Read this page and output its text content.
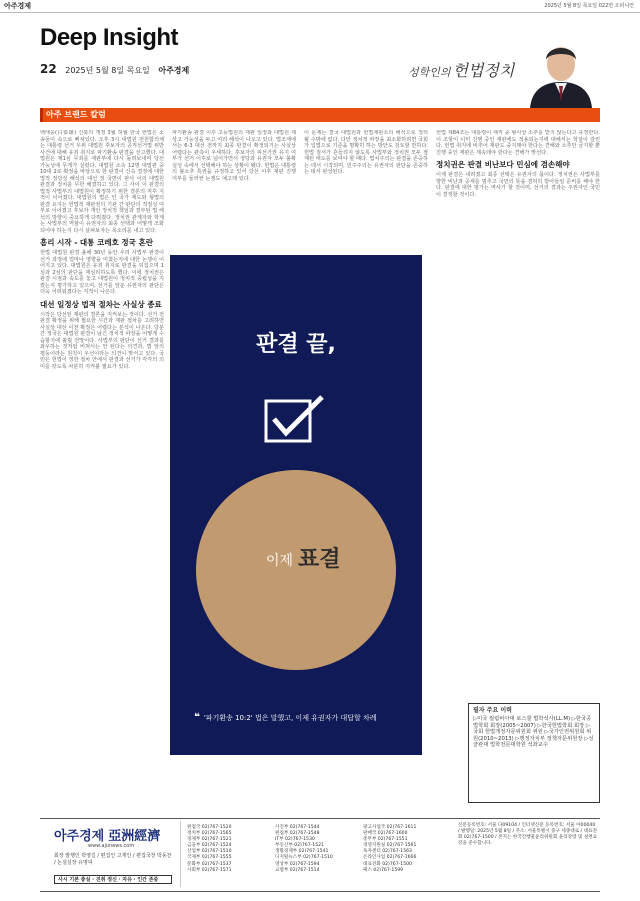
아주경제	2025년 5월 8일 목요일 022면 오피니언
Deep Insight
22 2025년 5월 8일 목요일 아주경제	성학인의 헌법정치
아주 브랜드 칼럼
백태웅(白泰雄) 신북의 개정 3월 허월 한국 헌법은 소송들이 속으로 뻐져있다. 오후 3시 대법원 전원합의체는 대통령 선거 우위 대법원 후보자의 공직선거법 위반 사건에 대해 유죄 취지로 파기환송 판결을 선고했다. 대법원은 제1심 무죄를 재판부에 다시 돌려보내며 당선 가능성에 무게가 실렸다. 대법원 소속 12명 대법관 중 10대 2로 확정을 바탕으로 한 판결이 신속 결정에 대한 법적 정당성 해석의 대선 정 국면이 판사 이의 대법원 판결과 정치를 무한 해결하고 있다. 그 사이 이 판결의 법적 사법부의 대법원이 확정하기 위한 결론의 직후 지적이 이어졌다. 대법원의 법은 인 국가 제도와 형법의 판결 요지는 헌법적 재판권의 기관 간 판단의 적절성 여부로 이어졌고 후보자 개인 정치적 책임과 결부된 법 해석의 방향이 중요하게 다뤄졌다. 정치권 관계자와 학계는 사법부의 역할이 유권자의 최종 선택과 어떻게 조화되어야 하는지 다시 살펴보자는 목소리를 내고 있다.
흠리 시작 - 대통 코레호 정국 혼란
헌법 대법원 판결 올해 30년 동안 우리 사법부 판결이 선거 과정에 얼마나 영향을 미쳤는지에 대한 논쟁이 이어지고 있다. 대법원은 유죄 취지로 판결을 뒤집으며 1심과 2심의 판단을 재심리하도록 했다. 이에 정치권은 판결 시점과 속도를 놓고 대법원이 정치적 중립성을 지켰는지 평가하고 있으며, 선거를 앞둔 유권자의 판단은 더욱 어려워졌다는 지적이 나온다.
대선 일정상 법적 절차는 사실상 종료
시작은 당선된 재판의 결론을 지켜보는 것이다. 선거 전 판결 확정을 위해 필요한 시간과 재판 절차를 고려하면 사실상 대선 이전 확정은 어렵다는 분석이 나온다. 당분간 정국은 대법원 판결이 남긴 정치적 파장을 어떻게 수습할지에 쏠릴 전망이다. 사법부의 판단이 선거 결과를 좌우하는 것처럼 비쳐서는 안 된다는 의견과, 법 앞의 평등이라는 원칙이 우선이라는 의견이 맞서고 있다. 국민은 헌법이 정한 절차 안에서 판결과 선거가 각각의 의미를 갖도록 차분히 지켜볼 필요가 있다.
파기환송 판결 이후 고등법원의 재판 일정과 대법원 재상고 가능성을 두고 여러 해석이 나오고 있다. 법조계에서는 6·3 대선 전까지 최종 판결이 확정되기는 사실상 어렵다는 관측이 우세하다. 후보자의 피선거권 유지 여부가 선거 이후로 넘어가면서 정당과 유권자 모두 불확실성 속에서 선택해야 하는 상황이 됐다. 헌법은 대통령의 불소추 특권을 규정하고 있어 당선 이후 재판 진행 여부를 둘러싼 논쟁도 예고돼 있다.
이 문제는 결국 대법원과 헌법재판소의 해석으로 정리될 수밖에 없다. 다만 정치적 파장을 최소화하려면 국회가 입법으로 기준을 명확히 하는 방안도 검토할 만하다. 헌법 질서가 흔들리지 않도록 사법부와 정치권 모두 절제된 태도를 보여야 할 때다. 법치주의는 판결을 존중하는 데서 시작되며, 민주주의는 유권자의 판단을 존중하는 데서 완성된다.
헌법 제84조는 대통령이 재직 중 형사상 소추를 받지 않는다고 규정한다. 이 조항이 이미 진행 중인 재판에도 적용되는지에 대해서는 학설이 갈린다. 헌법 취지에 비추어 재판도 중지돼야 한다는 견해와 소추만 금지할 뿐 진행 중인 재판은 계속돼야 한다는 견해가 맞선다.
정치권은 판결 비난보다 민심에 겸손해야
이제 판결은 내려졌고 최종 선택은 유권자의 몫이다. 정치권은 사법부를 향한 비난과 공세를 멈추고 국민의 뜻을 겸허히 받아들일 준비를 해야 한다. 판결에 대한 평가는 역사가 할 것이며, 선거의 결과는 주권자인 국민이 결정할 것이다.
판결 끝,
이제 표결
❝ '파기환송 10:2' 법은 말했고, 이제 유권자가 대답할 차례
필자 주요 이력
▷미국 컬럼비아대 로스쿨 법학석사(LL.M) ▷한국공법학회 회장(2005~2007) ▷한국헌법학회 회장 ▷국회 헌법개정자문위원회 위원 ▷국가인권위원회 위원(2010~2013) ▷행정자치부 정책자문위원장 ▷성균관대 법학전문대학원 석좌교수
아주경제 亞洲經濟
www.ajunews.com
회장 발행인 곽영길 / 편집인 고재인 / 편집국장 박동찬 / 논설실장 유명덕
사시 기본 충실 · 진취 정신 · 자유 · 인간 존중
편집국 02)767-1520
정치부 02)767-1565
경제부 02)767-1521
금융부 02)767-1524
산업부 02)767-1510
국제부 02)767-1555
문화부 02)767-1537
사회부 02)767-1571
사진부 02)767-1544
편집부 02)767-1548
IT부 02)767-1530
부동산부 02)767-1521
생활경제부 02)767-1541
디지털뉴스부 02)767-1510
영상부 02)767-1594
교열부 02)767-1514
광고사업국 02)767-1611
판매국 02)767-1600
총무부 02)767-1551
경영지원실 02)767-1561
독자센터 02)767-1563
온라인사업 02)767-1666
대표전화 02)767-1500
팩스 02)767-1599
신문등록번호: 서울 다09104 / 인터넷신문 등록번호: 서울 아00040 / 발행일: 2025년 5월 8일 / 주소: 서울특별시 중구 세종대로 / 대표전화 02)767-1500 / 본지는 한국간행물윤리위원회 윤리강령 및 실천요강을 준수합니다.
